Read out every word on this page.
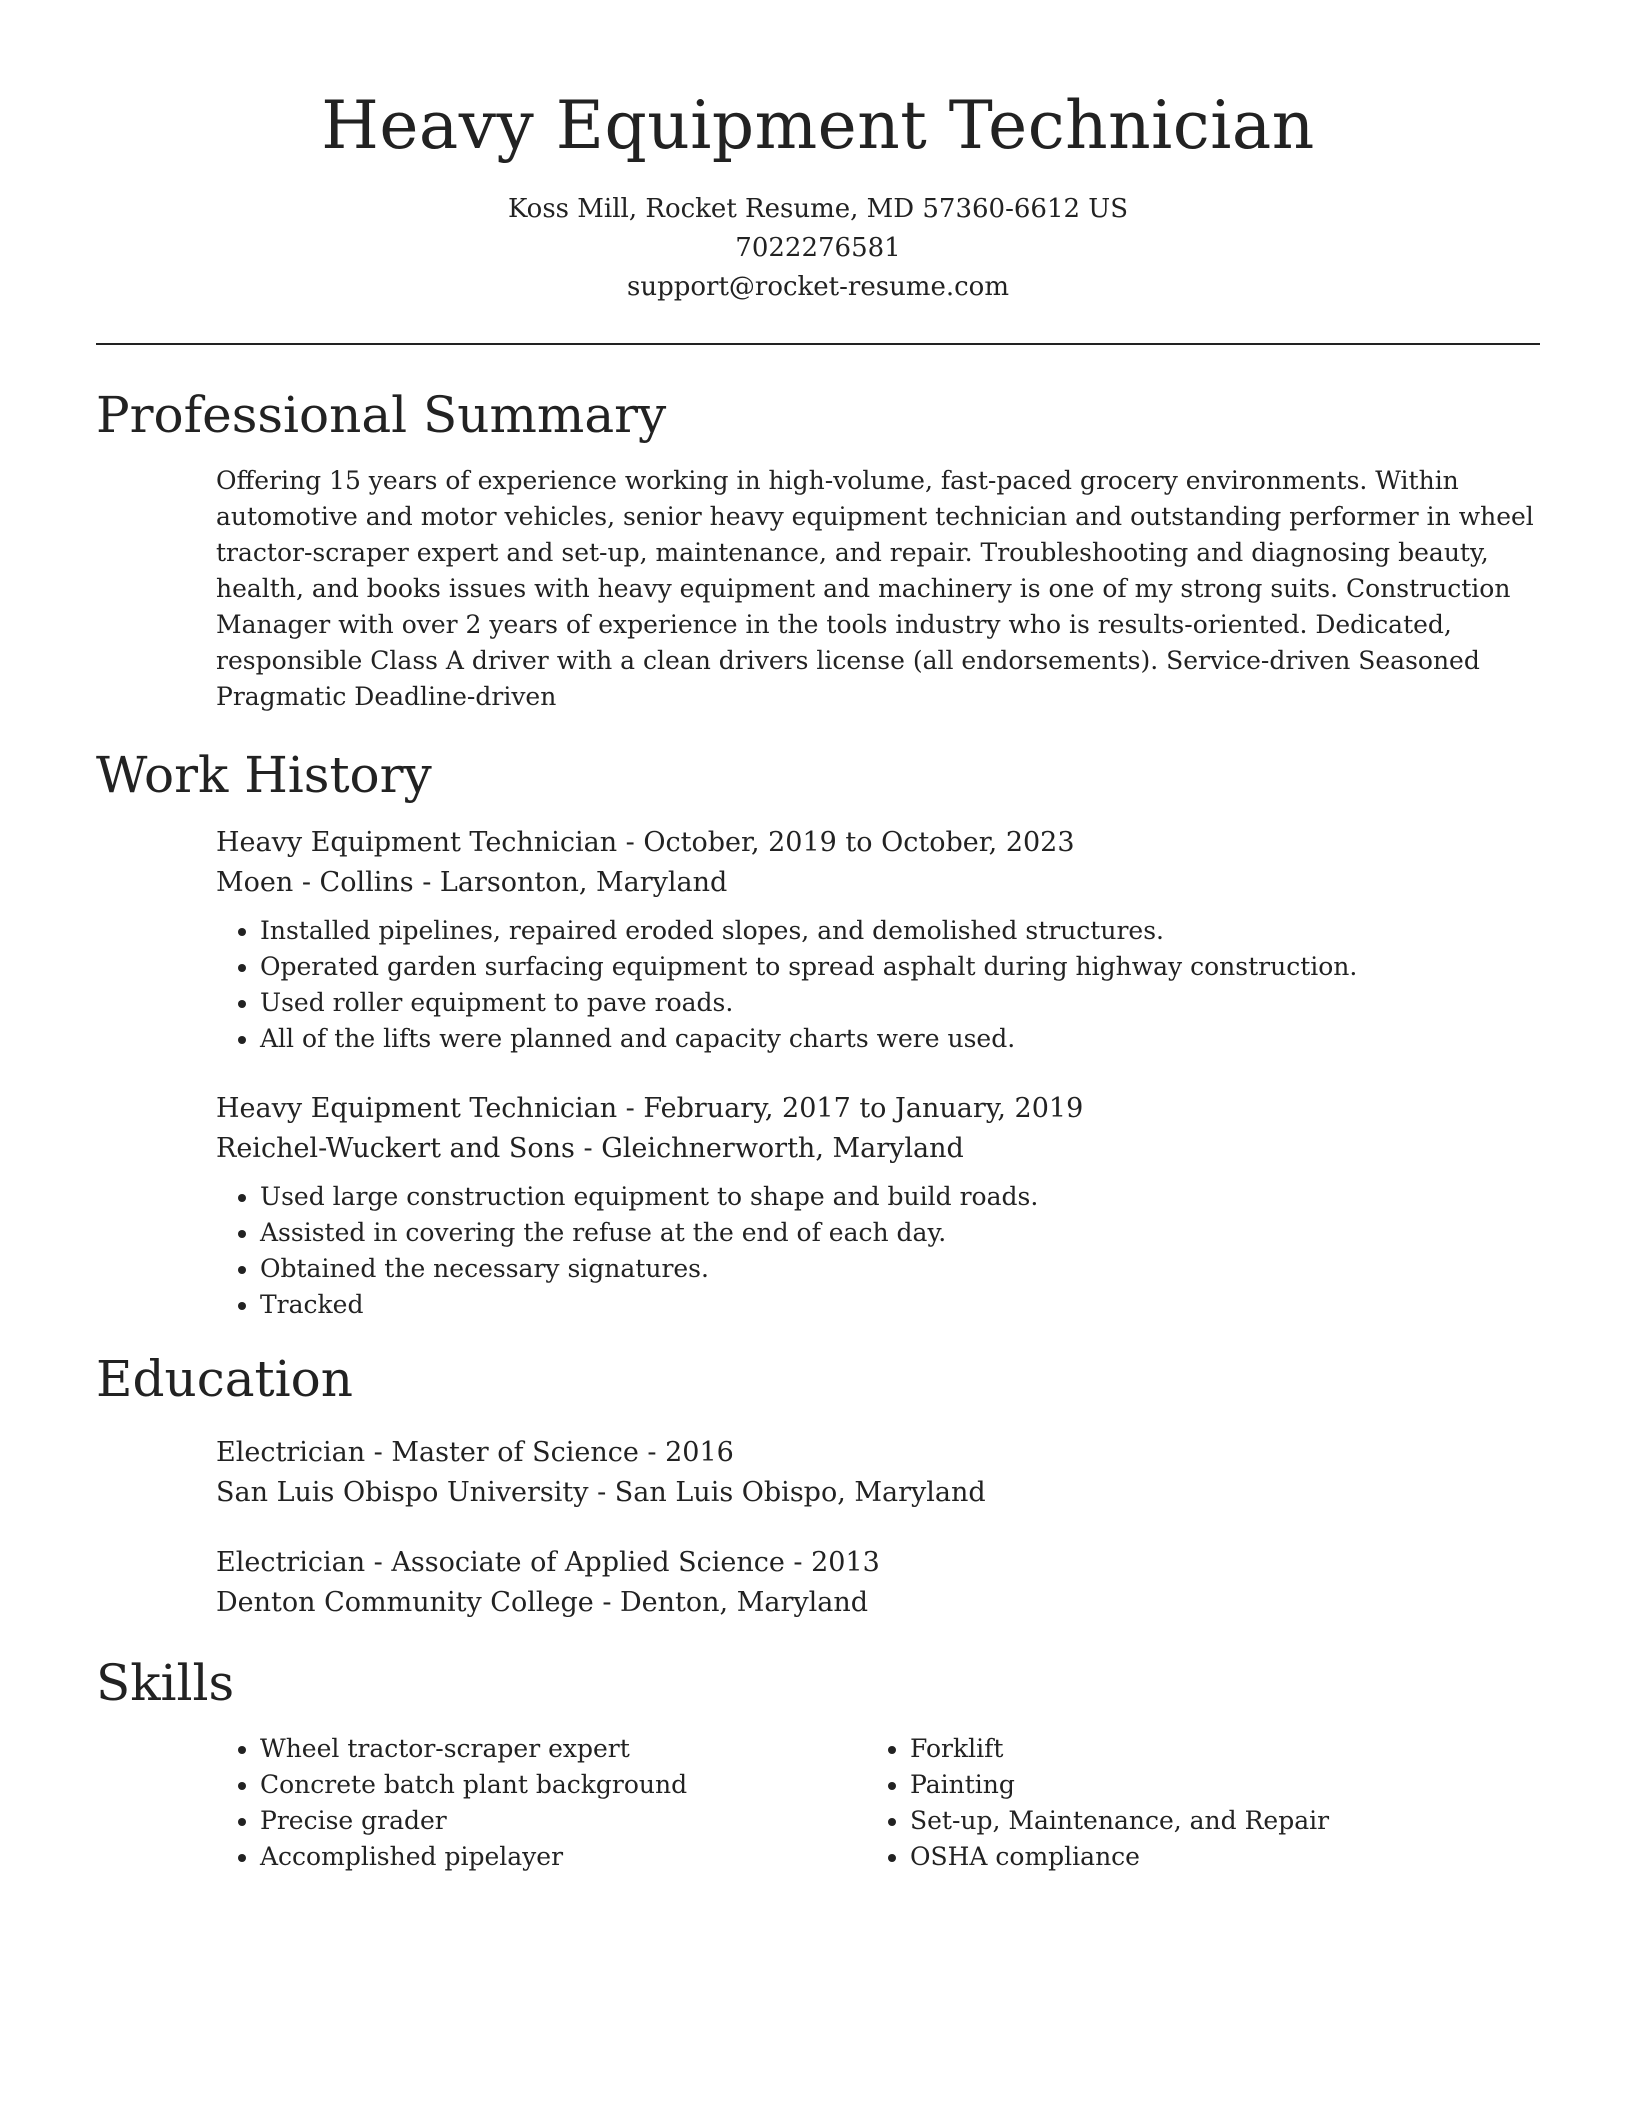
Heavy Equipment Technician
Koss Mill, Rocket Resume, MD 57360-6612 US
7022276581
support@rocket-resume.com
Professional Summary
Offering 15 years of experience working in high-volume, fast-paced grocery environments. Within automotive and motor vehicles, senior heavy equipment technician and outstanding performer in wheel tractor-scraper expert and set-up, maintenance, and repair. Troubleshooting and diagnosing beauty, health, and books issues with heavy equipment and machinery is one of my strong suits. Construction Manager with over 2 years of experience in the tools industry who is results-oriented. Dedicated, responsible Class A driver with a clean drivers license (all endorsements). Service-driven Seasoned Pragmatic Deadline-driven
Work History
Heavy Equipment Technician - October, 2019 to October, 2023
Moen - Collins - Larsonton, Maryland
• Installed pipelines, repaired eroded slopes, and demolished structures.
• Operated garden surfacing equipment to spread asphalt during highway construction.
• Used roller equipment to pave roads.
• All of the lifts were planned and capacity charts were used.
Heavy Equipment Technician - February, 2017 to January, 2019
Reichel-Wuckert and Sons - Gleichnerworth, Maryland
• Used large construction equipment to shape and build roads.
• Assisted in covering the refuse at the end of each day.
• Obtained the necessary signatures.
• Tracked
Education
Electrician - Master of Science - 2016
San Luis Obispo University - San Luis Obispo, Maryland
Electrician - Associate of Applied Science - 2013
Denton Community College - Denton, Maryland
Skills
• Wheel tractor-scraper expert
• Concrete batch plant background
• Precise grader
• Accomplished pipelayer
• Forklift
• Painting
• Set-up, Maintenance, and Repair
• OSHA compliance
